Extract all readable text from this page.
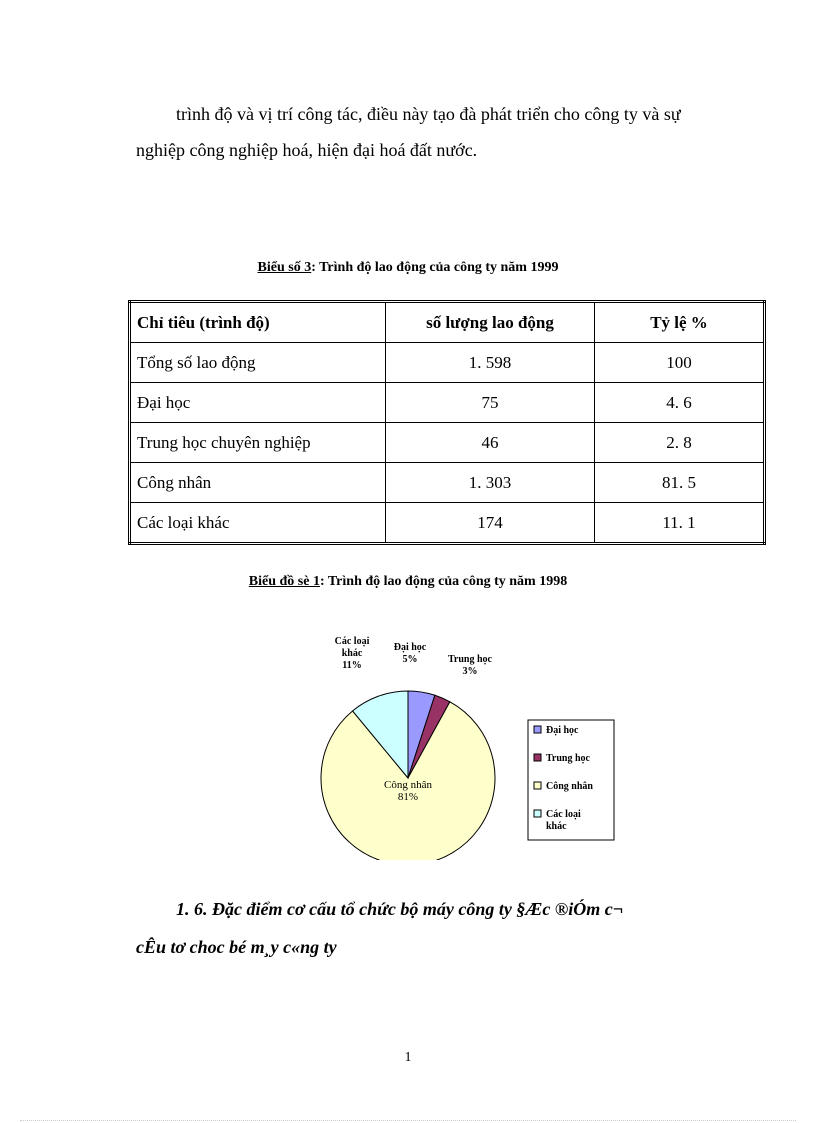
trình độ và vị trí công tác, điều này tạo đà phát triển cho công ty và sự
nghiệp công nghiệp hoá, hiện đại hoá đất nước.

Biểu số 3: Trình độ lao động của công ty năm 1999

Chỉ tiêu (trình độ)	số lượng lao động	Tỷ lệ %
Tổng số lao động	1. 598	100
Đại học	75	4. 6
Trung học chuyên nghiệp	46	2. 8
Công nhân	1. 303	81. 5
Các loại khác	174	11. 1

Biểu đồ sè 1: Trình độ lao động của công ty năm 1998

Đại học 5%	Trung học 3%
Công nhân 81%
Các loại khác 11%
Đại học
Trung học
Công nhân
Các loại khác

1. 6. Đặc điểm cơ cấu tổ chức bộ máy công ty §Æc ®iÓm c¬
cÊu tơ choc bé m¸y c«ng ty

1
